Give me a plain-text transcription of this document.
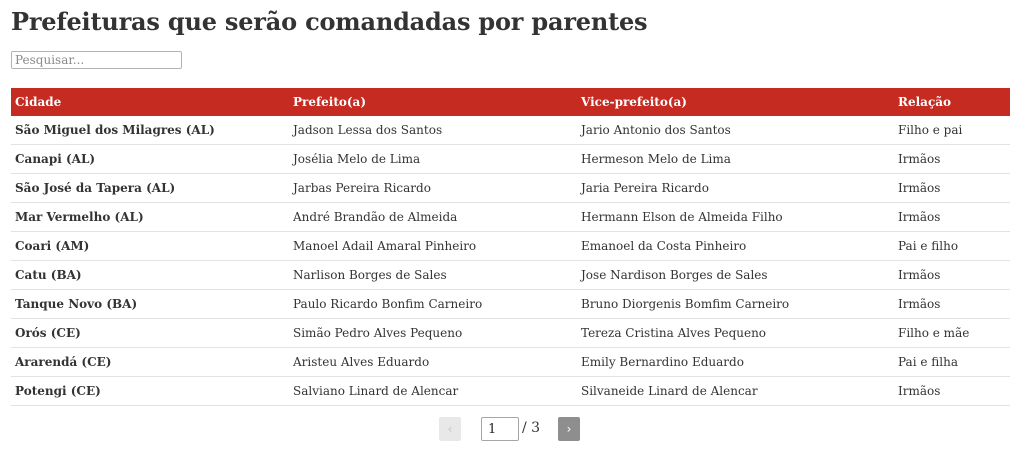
Prefeituras que serão comandadas por parentes
Pesquisar...
Cidade	Prefeito(a)	Vice-prefeito(a)	Relação
São Miguel dos Milagres (AL)	Jadson Lessa dos Santos	Jario Antonio dos Santos	Filho e pai
Canapi (AL)	Josélia Melo de Lima	Hermeson Melo de Lima	Irmãos
São José da Tapera (AL)	Jarbas Pereira Ricardo	Jaria Pereira Ricardo	Irmãos
Mar Vermelho (AL)	André Brandão de Almeida	Hermann Elson de Almeida Filho	Irmãos
Coari (AM)	Manoel Adail Amaral Pinheiro	Emanoel da Costa Pinheiro	Pai e filho
Catu (BA)	Narlison Borges de Sales	Jose Nardison Borges de Sales	Irmãos
Tanque Novo (BA)	Paulo Ricardo Bonfim Carneiro	Bruno Diorgenis Bomfim Carneiro	Irmãos
Orós (CE)	Simão Pedro Alves Pequeno	Tereza Cristina Alves Pequeno	Filho e mãe
Ararendá (CE)	Aristeu Alves Eduardo	Emily Bernardino Eduardo	Pai e filha
Potengi (CE)	Salviano Linard de Alencar	Silvaneide Linard de Alencar	Irmãos
‹
1	/ 3	›
